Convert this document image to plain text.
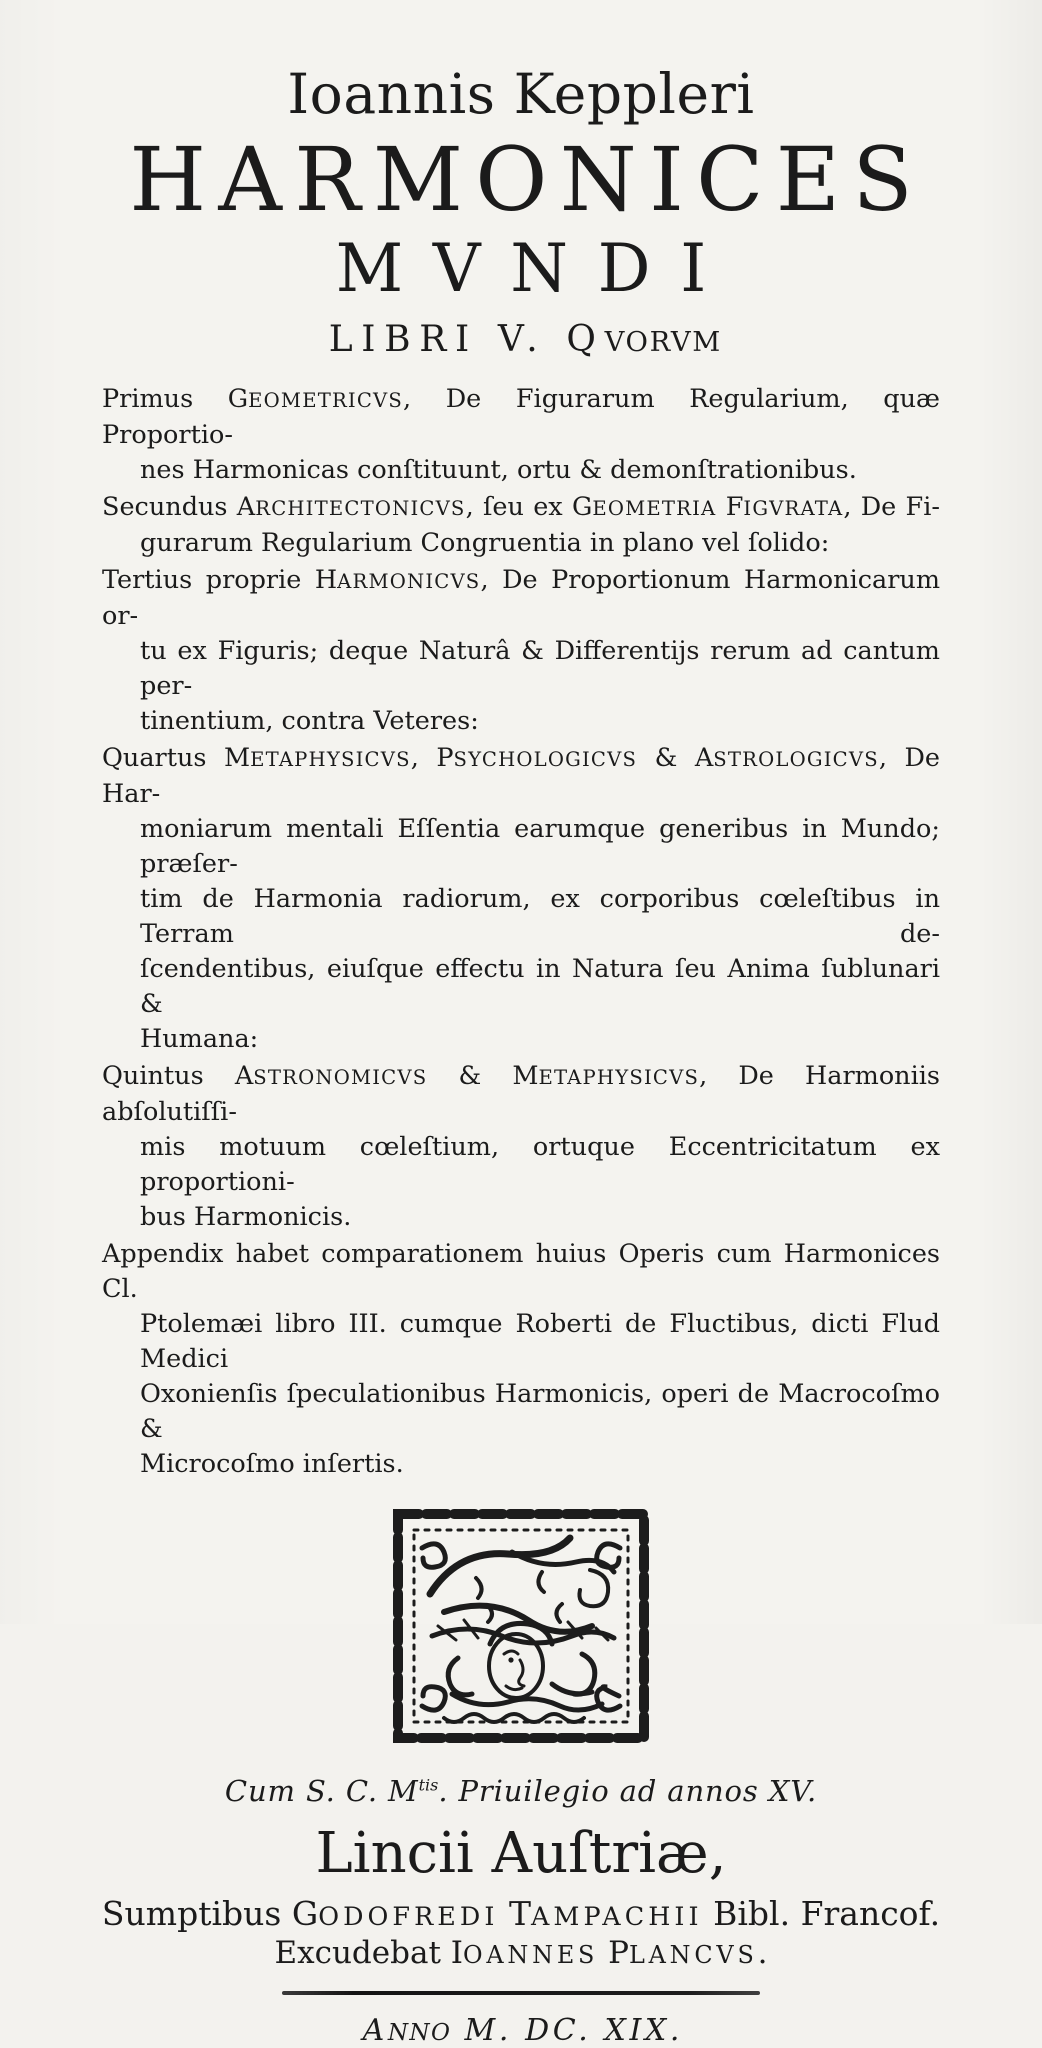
Ioannis Keppleri
HARMONICES
MVNDI
LIBRI V. QVORVM
Primus GEOMETRICVS, De Figurarum Regularium, quæ Proportio-
nes Harmonicas conſtituunt, ortu & demonſtrationibus.
Secundus ARCHITECTONICVS, ſeu ex GEOMETRIA FIGVRATA, De Fi-
gurarum Regularium Congruentia in plano vel ſolido:
Tertius proprie HARMONICVS, De Proportionum Harmonicarum or-
tu ex Figuris; deque Naturâ & Differentijs rerum ad cantum per-
tinentium, contra Veteres:
Quartus METAPHYSICVS, PSYCHOLOGICVS & ASTROLOGICVS, De Har-
moniarum mentali Eſſentia earumque generibus in Mundo; præſer-
tim de Harmonia radiorum, ex corporibus cœleſtibus in Terram de-
ſcendentibus, eiuſque effectu in Natura ſeu Anima ſublunari &
Humana:
Quintus ASTRONOMICVS & METAPHYSICVS, De Harmoniis abſolutiſſi-
mis motuum cœleſtium, ortuque Eccentricitatum ex proportioni-
bus Harmonicis.
Appendix habet comparationem huius Operis cum Harmonices Cl.
Ptolemæi libro III. cumque Roberti de Fluctibus, dicti Flud Medici
Oxonienſis ſpeculationibus Harmonicis, operi de Macrocoſmo &
Microcoſmo inſertis.
Cum S. C. $M^{tis}$. Priuilegio ad annos XV.
Lincii Auſtriæ,
Sumptibus GODOFREDI TAMPACHII Bibl. Francof.
Excudebat IOANNES PLANCVS.
ANNO M. DC. XIX.
